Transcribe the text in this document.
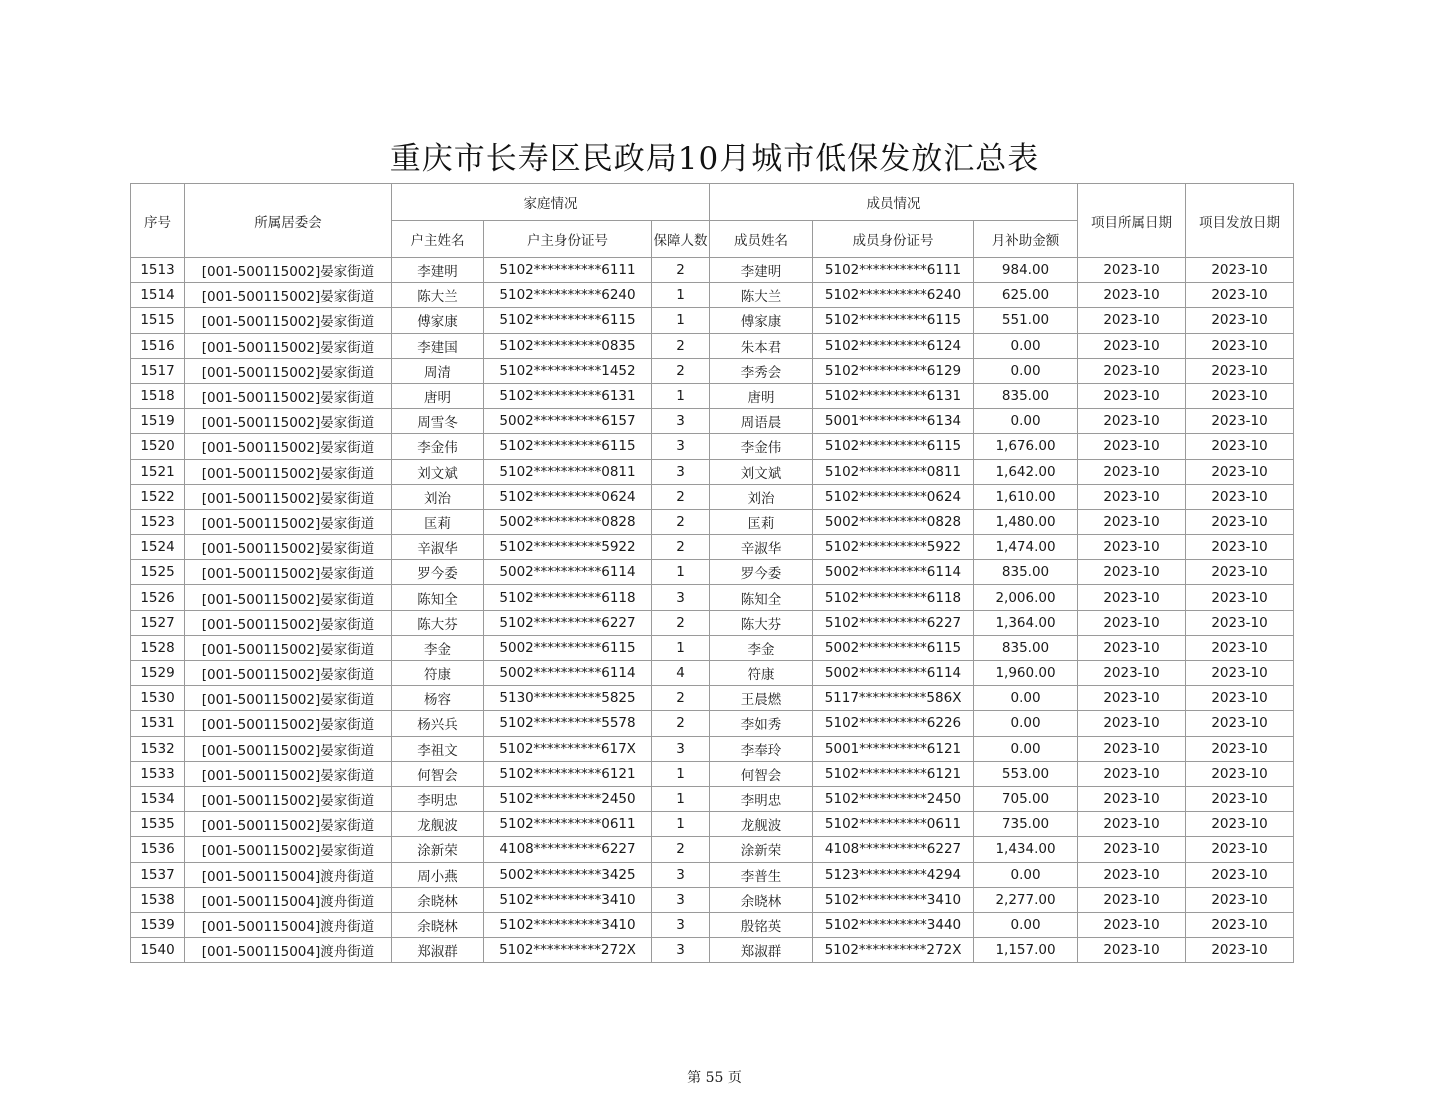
重庆市长寿区民政局10月城市低保发放汇总表
序号	所属居委会	家庭情况			成员情况			项目所属日期	项目发放日期
		户主姓名	户主身份证号	保障人数	成员姓名	成员身份证号	月补助金额		
1513	[001-500115002]晏家街道	李建明	5102**********6111	2	李建明	5102**********6111	984.00	2023-10	2023-10
1514	[001-500115002]晏家街道	陈大兰	5102**********6240	1	陈大兰	5102**********6240	625.00	2023-10	2023-10
1515	[001-500115002]晏家街道	傅家康	5102**********6115	1	傅家康	5102**********6115	551.00	2023-10	2023-10
1516	[001-500115002]晏家街道	李建国	5102**********0835	2	朱本君	5102**********6124	0.00	2023-10	2023-10
1517	[001-500115002]晏家街道	周清	5102**********1452	2	李秀会	5102**********6129	0.00	2023-10	2023-10
1518	[001-500115002]晏家街道	唐明	5102**********6131	1	唐明	5102**********6131	835.00	2023-10	2023-10
1519	[001-500115002]晏家街道	周雪冬	5002**********6157	3	周语晨	5001**********6134	0.00	2023-10	2023-10
1520	[001-500115002]晏家街道	李金伟	5102**********6115	3	李金伟	5102**********6115	1,676.00	2023-10	2023-10
1521	[001-500115002]晏家街道	刘文斌	5102**********0811	3	刘文斌	5102**********0811	1,642.00	2023-10	2023-10
1522	[001-500115002]晏家街道	刘治	5102**********0624	2	刘治	5102**********0624	1,610.00	2023-10	2023-10
1523	[001-500115002]晏家街道	匡莉	5002**********0828	2	匡莉	5002**********0828	1,480.00	2023-10	2023-10
1524	[001-500115002]晏家街道	辛淑华	5102**********5922	2	辛淑华	5102**********5922	1,474.00	2023-10	2023-10
1525	[001-500115002]晏家街道	罗今委	5002**********6114	1	罗今委	5002**********6114	835.00	2023-10	2023-10
1526	[001-500115002]晏家街道	陈知全	5102**********6118	3	陈知全	5102**********6118	2,006.00	2023-10	2023-10
1527	[001-500115002]晏家街道	陈大芬	5102**********6227	2	陈大芬	5102**********6227	1,364.00	2023-10	2023-10
1528	[001-500115002]晏家街道	李金	5002**********6115	1	李金	5002**********6115	835.00	2023-10	2023-10
1529	[001-500115002]晏家街道	符康	5002**********6114	4	符康	5002**********6114	1,960.00	2023-10	2023-10
1530	[001-500115002]晏家街道	杨容	5130**********5825	2	王晨燃	5117**********586X	0.00	2023-10	2023-10
1531	[001-500115002]晏家街道	杨兴兵	5102**********5578	2	李如秀	5102**********6226	0.00	2023-10	2023-10
1532	[001-500115002]晏家街道	李祖文	5102**********617X	3	李奉玲	5001**********6121	0.00	2023-10	2023-10
1533	[001-500115002]晏家街道	何智会	5102**********6121	1	何智会	5102**********6121	553.00	2023-10	2023-10
1534	[001-500115002]晏家街道	李明忠	5102**********2450	1	李明忠	5102**********2450	705.00	2023-10	2023-10
1535	[001-500115002]晏家街道	龙舰波	5102**********0611	1	龙舰波	5102**********0611	735.00	2023-10	2023-10
1536	[001-500115002]晏家街道	涂新荣	4108**********6227	2	涂新荣	4108**********6227	1,434.00	2023-10	2023-10
1537	[001-500115004]渡舟街道	周小燕	5002**********3425	3	李普生	5123**********4294	0.00	2023-10	2023-10
1538	[001-500115004]渡舟街道	余晓林	5102**********3410	3	余晓林	5102**********3410	2,277.00	2023-10	2023-10
1539	[001-500115004]渡舟街道	余晓林	5102**********3410	3	殷铭英	5102**********3440	0.00	2023-10	2023-10
1540	[001-500115004]渡舟街道	郑淑群	5102**********272X	3	郑淑群	5102**********272X	1,157.00	2023-10	2023-10
第 55 页
